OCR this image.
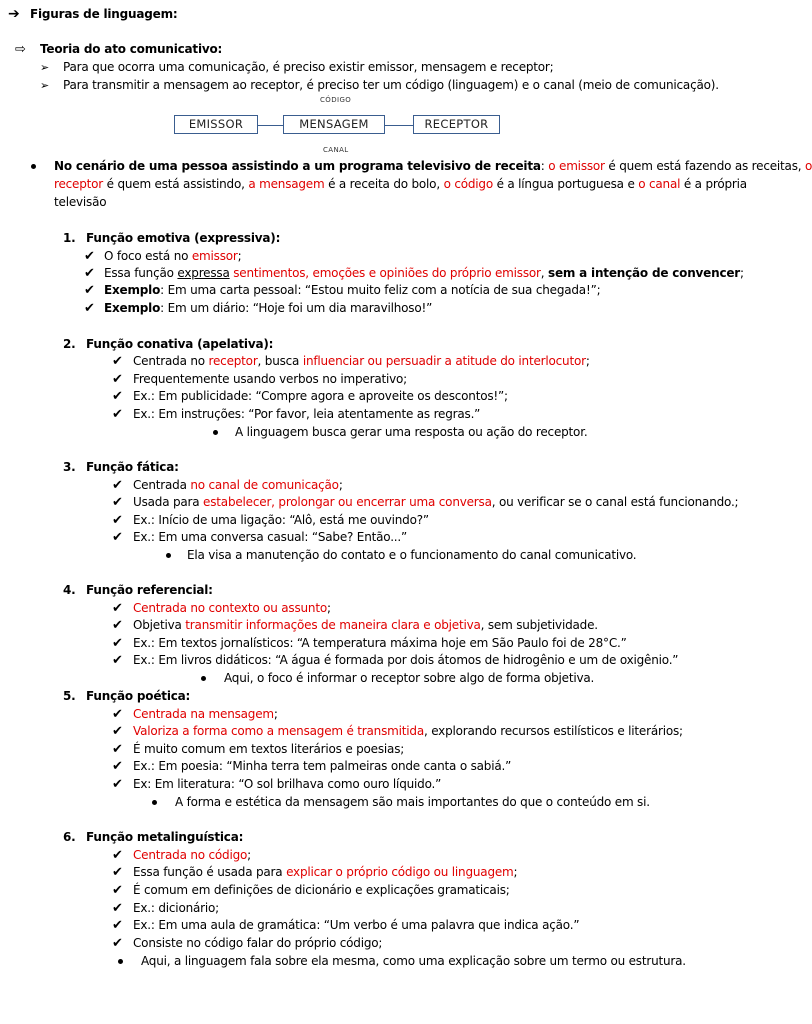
➔ Figuras de linguagem:
⇨ Teoria do ato comunicativo:
➢ Para que ocorra uma comunicação, é preciso existir emissor, mensagem e receptor;
➢ Para transmitir a mensagem ao receptor, é preciso ter um código (linguagem) e o canal (meio de comunicação).
CÓDIGO
EMISSOR	MENSAGEM	RECEPTOR
CANAL
No cenário de uma pessoa assistindo a um programa televisivo de receita: o emissor é quem está fazendo as receitas, o
receptor é quem está assistindo, a mensagem é a receita do bolo, o código é a língua portuguesa e o canal é a própria
televisão
1. Função emotiva (expressiva):
✔ O foco está no emissor;
✔ Essa função expressa sentimentos, emoções e opiniões do próprio emissor, sem a intenção de convencer;
✔ Exemplo: Em uma carta pessoal: “Estou muito feliz com a notícia de sua chegada!”;
✔ Exemplo: Em um diário: “Hoje foi um dia maravilhoso!”
2. Função conativa (apelativa):
✔ Centrada no receptor, busca influenciar ou persuadir a atitude do interlocutor;
✔ Frequentemente usando verbos no imperativo;
✔ Ex.: Em publicidade: “Compre agora e aproveite os descontos!”;
✔ Ex.: Em instruções: “Por favor, leia atentamente as regras.”
A linguagem busca gerar uma resposta ou ação do receptor.
3. Função fática:
✔ Centrada no canal de comunicação;
✔ Usada para estabelecer, prolongar ou encerrar uma conversa, ou verificar se o canal está funcionando.;
✔ Ex.: Início de uma ligação: “Alô, está me ouvindo?”
✔ Ex.: Em uma conversa casual: “Sabe? Então...”
Ela visa a manutenção do contato e o funcionamento do canal comunicativo.
4. Função referencial:
✔ Centrada no contexto ou assunto;
✔ Objetiva transmitir informações de maneira clara e objetiva, sem subjetividade.
✔ Ex.: Em textos jornalísticos: “A temperatura máxima hoje em São Paulo foi de 28°C.”
✔ Ex.: Em livros didáticos: “A água é formada por dois átomos de hidrogênio e um de oxigênio.”
Aqui, o foco é informar o receptor sobre algo de forma objetiva.
5. Função poética:
✔ Centrada na mensagem;
✔ Valoriza a forma como a mensagem é transmitida, explorando recursos estilísticos e literários;
✔ É muito comum em textos literários e poesias;
✔ Ex.: Em poesia: “Minha terra tem palmeiras onde canta o sabiá.”
✔ Ex: Em literatura: “O sol brilhava como ouro líquido.”
A forma e estética da mensagem são mais importantes do que o conteúdo em si.
6. Função metalinguística:
✔ Centrada no código;
✔ Essa função é usada para explicar o próprio código ou linguagem;
✔ É comum em definições de dicionário e explicações gramaticais;
✔ Ex.: dicionário;
✔ Ex.: Em uma aula de gramática: “Um verbo é uma palavra que indica ação.”
✔ Consiste no código falar do próprio código;
Aqui, a linguagem fala sobre ela mesma, como uma explicação sobre um termo ou estrutura.
